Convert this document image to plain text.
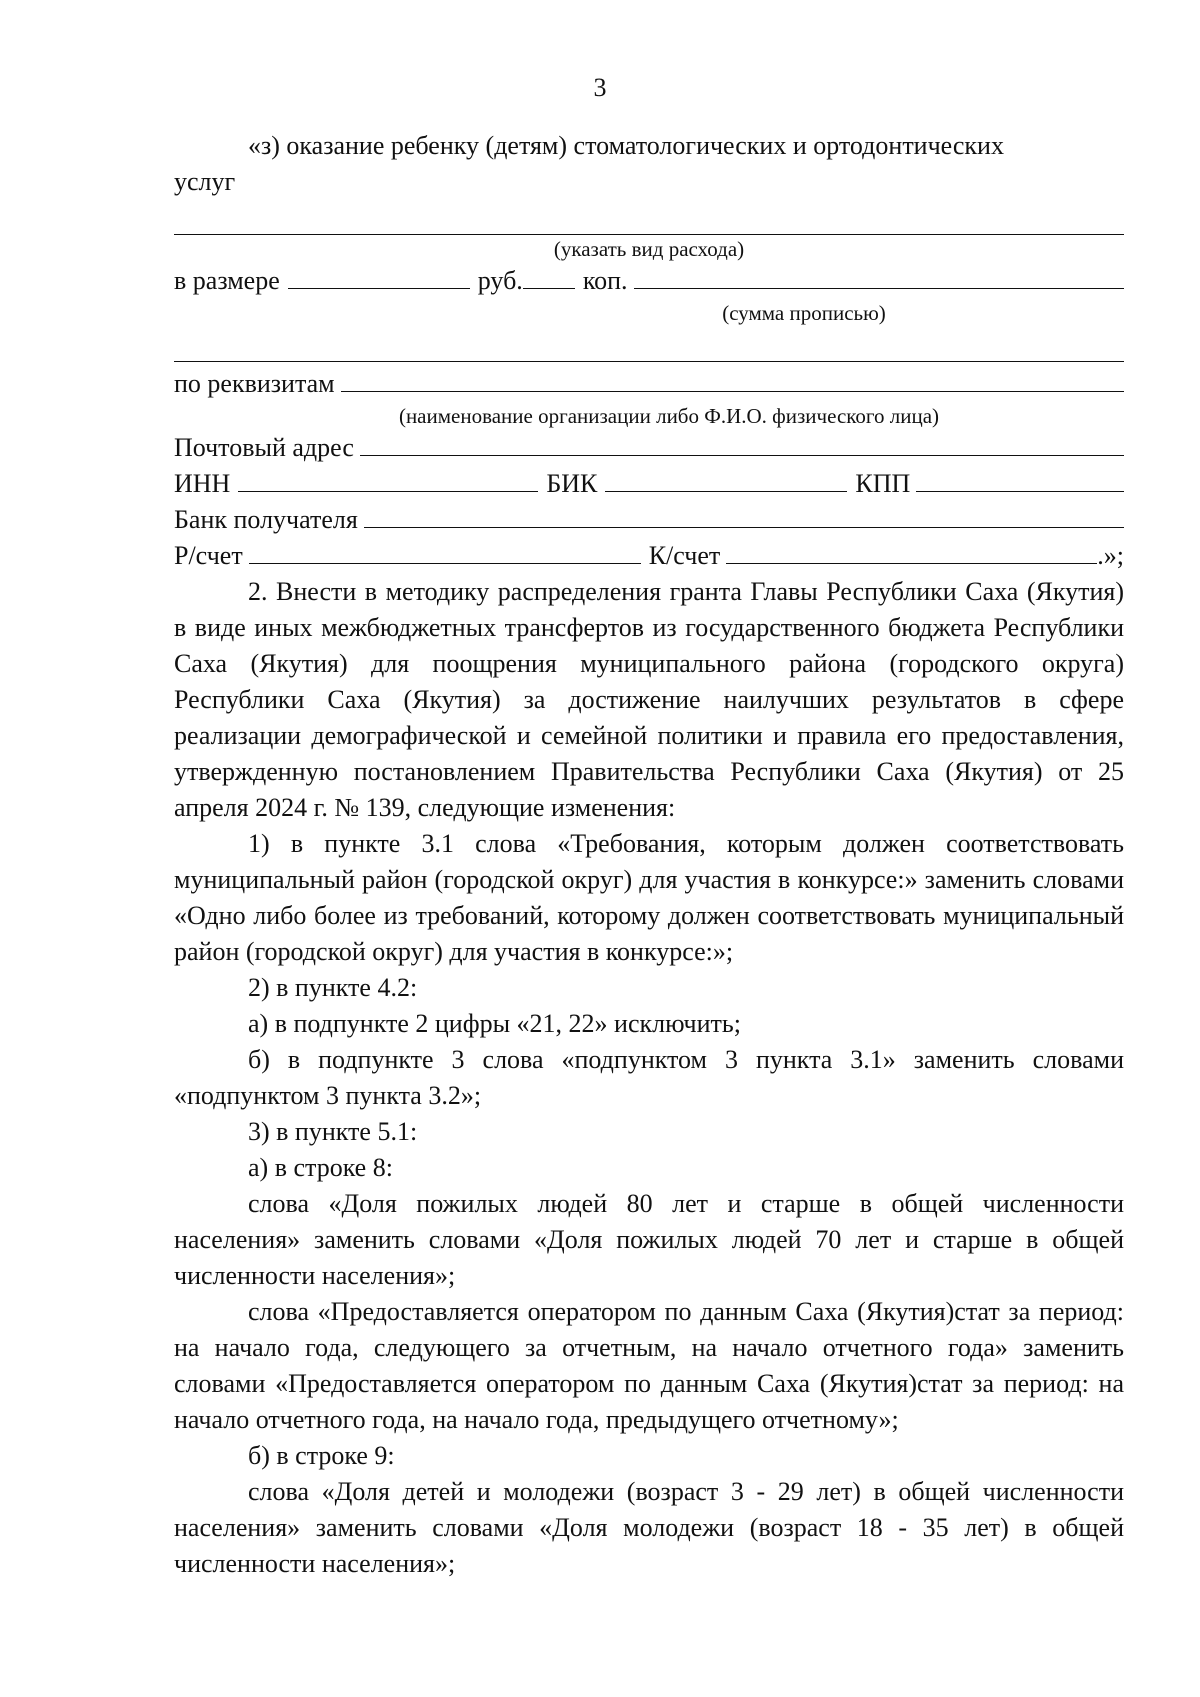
3
«з) оказание ребенку (детям) стоматологических и ортодонтических
услуг
(указать вид расхода)
в размере	руб. коп.
(сумма прописью)
по реквизитам
(наименование организации либо Ф.И.О. физического лица)
Почтовый адрес
ИНН	БИК	КПП
Банк получателя
Р/счет	К/счет	.»;
2. Внести в методику распределения гранта Главы Республики Саха (Якутия) в виде иных межбюджетных трансфертов из государственного бюджета Республики Саха (Якутия) для поощрения муниципального района (городского округа) Республики Саха (Якутия) за достижение наилучших результатов в сфере реализации демографической и семейной политики и правила его предоставления, утвержденную постановлением Правительства Республики Саха (Якутия) от 25 апреля 2024 г. № 139, следующие изменения:
1) в пункте 3.1 слова «Требования, которым должен соответствовать муниципальный район (городской округ) для участия в конкурсе:» заменить словами «Одно либо более из требований, которому должен соответствовать муниципальный район (городской округ) для участия в конкурсе:»;
2) в пункте 4.2:
а) в подпункте 2 цифры «21, 22» исключить;
б) в подпункте 3 слова «подпунктом 3 пункта 3.1» заменить словами «подпунктом 3 пункта 3.2»;
3) в пункте 5.1:
а) в строке 8:
слова «Доля пожилых людей 80 лет и старше в общей численности населения» заменить словами «Доля пожилых людей 70 лет и старше в общей численности населения»;
слова «Предоставляется оператором по данным Саха (Якутия)стат за период: на начало года, следующего за отчетным, на начало отчетного года» заменить словами «Предоставляется оператором по данным Саха (Якутия)стат за период: на начало отчетного года, на начало года, предыдущего отчетному»;
б) в строке 9:
слова «Доля детей и молодежи (возраст 3 - 29 лет) в общей численности населения» заменить словами «Доля молодежи (возраст 18 - 35 лет) в общей численности населения»;
